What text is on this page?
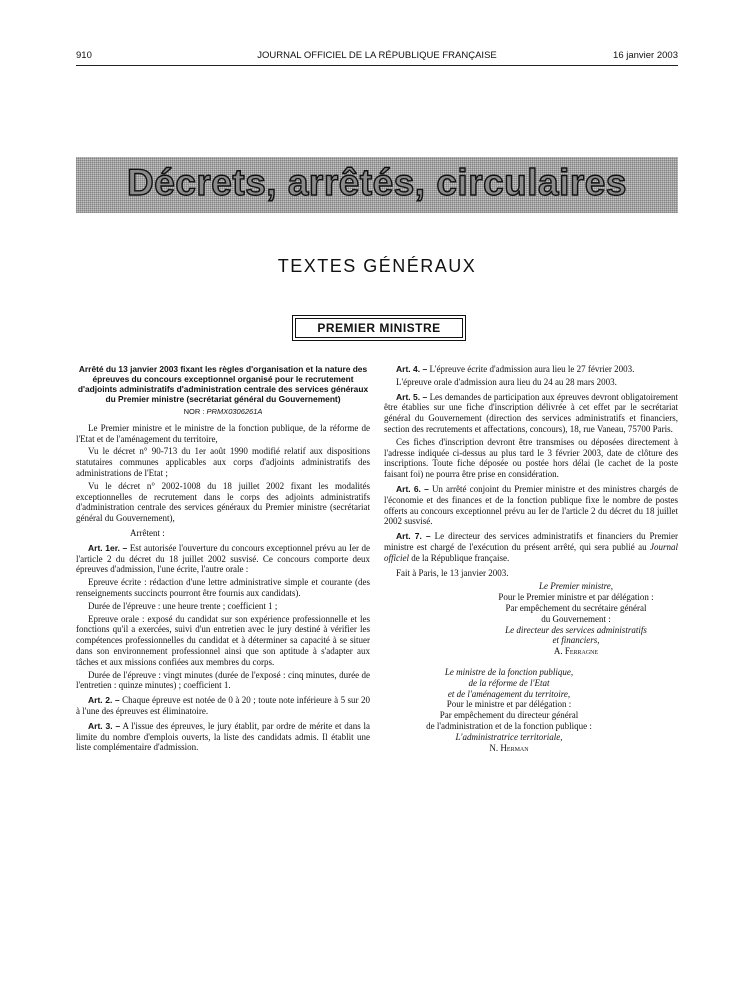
910	JOURNAL OFFICIEL DE LA RÉPUBLIQUE FRANÇAISE	16 janvier 2003
Décrets, arrêtés, circulaires
TEXTES GÉNÉRAUX
PREMIER MINISTRE
Arrêté du 13 janvier 2003 fixant les règles d'organisation et la nature des épreuves du concours exceptionnel organisé pour le recrutement d'adjoints administratifs d'administration centrale des services généraux du Premier ministre (secrétariat général du Gouvernement)
NOR : PRMX0306261A

Le Premier ministre et le ministre de la fonction publique, de la réforme de l'Etat et de l'aménagement du territoire,

Vu le décret n° 90-713 du 1er août 1990 modifié relatif aux dispositions statutaires communes applicables aux corps d'adjoints administratifs des administrations de l'Etat ;

Vu le décret n° 2002-1008 du 18 juillet 2002 fixant les modalités exceptionnelles de recrutement dans le corps des adjoints administratifs d'administration centrale des services généraux du Premier ministre (secrétariat général du Gouvernement),

Arrêtent :

Art. 1er. – Est autorisée l'ouverture du concours exceptionnel prévu au Ier de l'article 2 du décret du 18 juillet 2002 susvisé. Ce concours comporte deux épreuves d'admission, l'une écrite, l'autre orale :

Epreuve écrite : rédaction d'une lettre administrative simple et courante (des renseignements succincts pourront être fournis aux candidats).

Durée de l'épreuve : une heure trente ; coefficient 1 ;

Epreuve orale : exposé du candidat sur son expérience professionnelle et les fonctions qu'il a exercées, suivi d'un entretien avec le jury destiné à vérifier les compétences professionnelles du candidat et à déterminer sa capacité à se situer dans son environnement professionnel ainsi que son aptitude à s'adapter aux tâches et aux missions confiées aux membres du corps.

Durée de l'épreuve : vingt minutes (durée de l'exposé : cinq minutes, durée de l'entretien : quinze minutes) ; coefficient 1.

Art. 2. – Chaque épreuve est notée de 0 à 20 ; toute note inférieure à 5 sur 20 à l'une des épreuves est éliminatoire.

Art. 3. – A l'issue des épreuves, le jury établit, par ordre de mérite et dans la limite du nombre d'emplois ouverts, la liste des candidats admis. Il établit une liste complémentaire d'admission.

Art. 4. – L'épreuve écrite d'admission aura lieu le 27 février 2003.

L'épreuve orale d'admission aura lieu du 24 au 28 mars 2003.

Art. 5. – Les demandes de participation aux épreuves devront obligatoirement être établies sur une fiche d'inscription délivrée à cet effet par le secrétariat général du Gouvernement (direction des services administratifs et financiers, section des recrutements et affectations, concours), 18, rue Vaneau, 75700 Paris.

Ces fiches d'inscription devront être transmises ou déposées directement à l'adresse indiquée ci-dessus au plus tard le 3 février 2003, date de clôture des inscriptions. Toute fiche déposée ou postée hors délai (le cachet de la poste faisant foi) ne pourra être prise en considération.

Art. 6. – Un arrêté conjoint du Premier ministre et des ministres chargés de l'économie et des finances et de la fonction publique fixe le nombre de postes offerts au concours exceptionnel prévu au Ier de l'article 2 du décret du 18 juillet 2002 susvisé.

Art. 7. – Le directeur des services administratifs et financiers du Premier ministre est chargé de l'exécution du présent arrêté, qui sera publié au Journal officiel de la République française.

Fait à Paris, le 13 janvier 2003.

Le Premier ministre,

Pour le Premier ministre et par délégation :

Par empêchement du secrétaire général

du Gouvernement :

Le directeur des services administratifs

et financiers,

A. Ferragne

Le ministre de la fonction publique,

de la réforme de l'Etat

et de l'aménagement du territoire,

Pour le ministre et par délégation :

Par empêchement du directeur général

de l'administration et de la fonction publique :

L'administratrice territoriale,

N. Herman
